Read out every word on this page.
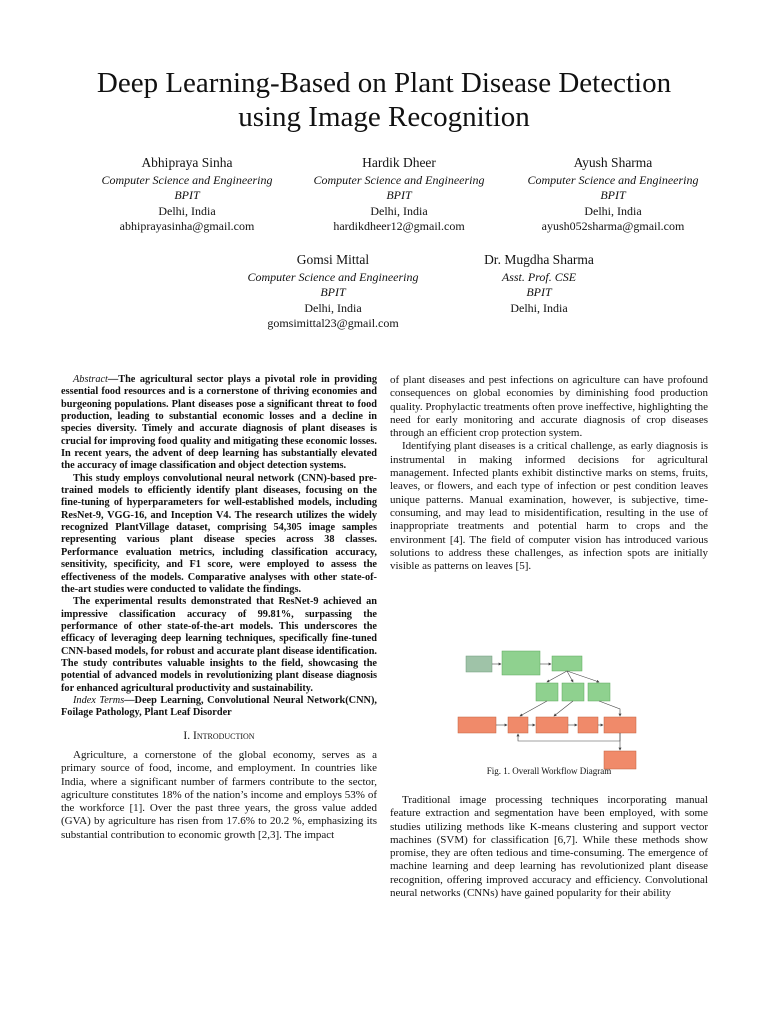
Deep Learning-Based on Plant Disease Detection
using Image Recognition
Abhipraya Sinha
Computer Science and Engineering
BPIT
Delhi, India
abhiprayasinha@gmail.com
Hardik Dheer
Computer Science and Engineering
BPIT
Delhi, India
hardikdheer12@gmail.com
Ayush Sharma
Computer Science and Engineering
BPIT
Delhi, India
ayush052sharma@gmail.com
Gomsi Mittal
Computer Science and Engineering
BPIT
Delhi, India
gomsimittal23@gmail.com
Dr. Mugdha Sharma
Asst. Prof. CSE
BPIT
Delhi, India

Abstract—The agricultural sector plays a pivotal role in providing essential food resources and is a cornerstone of thriving economies and burgeoning populations. Plant diseases pose a significant threat to food production, leading to substantial economic losses and a decline in species diversity. Timely and accurate diagnosis of plant diseases is crucial for improving food quality and mitigating these economic losses. In recent years, the advent of deep learning has substantially elevated the accuracy of image classification and object detection systems.

This study employs convolutional neural network (CNN)-based pre-trained models to efficiently identify plant diseases, focusing on the fine-tuning of hyperparameters for well-established models, including ResNet-9, VGG-16, and Inception V4. The research utilizes the widely recognized PlantVillage dataset, comprising 54,305 image samples representing various plant disease species across 38 classes. Performance evaluation metrics, including classification accuracy, sensitivity, specificity, and F1 score, were employed to assess the effectiveness of the models. Comparative analyses with other state-of-the-art studies were conducted to validate the findings.

The experimental results demonstrated that ResNet-9 achieved an impressive classification accuracy of 99.81%, surpassing the performance of other state-of-the-art models. This underscores the efficacy of leveraging deep learning techniques, specifically fine-tuned CNN-based models, for robust and accurate plant disease identification. The study contributes valuable insights to the field, showcasing the potential of advanced models in revolutionizing plant disease diagnosis for enhanced agricultural productivity and sustainability.

Index Terms—Deep Learning, Convolutional Neural Network(CNN), Foilage Pathology, Plant Leaf Disorder

I. Introduction

Agriculture, a cornerstone of the global economy, serves as a primary source of food, income, and employment. In countries like India, where a significant number of farmers contribute to the sector, agriculture constitutes 18% of the nation’s income and employs 53% of the workforce [1]. Over the past three years, the gross value added (GVA) by agriculture has risen from 17.6% to 20.2 %, emphasizing its substantial contribution to economic growth [2,3]. The impact

of plant diseases and pest infections on agriculture can have profound consequences on global economies by diminishing food production quality. Prophylactic treatments often prove ineffective, highlighting the need for early monitoring and accurate diagnosis of crop diseases through an efficient crop protection system.

Identifying plant diseases is a critical challenge, as early diagnosis is instrumental in making informed decisions for agricultural management. Infected plants exhibit distinctive marks on stems, fruits, leaves, or flowers, and each type of infection or pest condition leaves unique patterns. Manual examination, however, is subjective, time-consuming, and may lead to misidentification, resulting in the use of inappropriate treatments and potential harm to crops and the environment [4]. The field of computer vision has introduced various solutions to address these challenges, as infection spots are initially visible as patterns on leaves [5].

Fig. 1. Overall Workflow Diagram

Traditional image processing techniques incorporating manual feature extraction and segmentation have been employed, with some studies utilizing methods like K-means clustering and support vector machines (SVM) for classification [6,7]. While these methods show promise, they are often tedious and time-consuming. The emergence of machine learning and deep learning has revolutionized plant disease recognition, offering improved accuracy and efficiency. Convolutional neural networks (CNNs) have gained popularity for their ability
